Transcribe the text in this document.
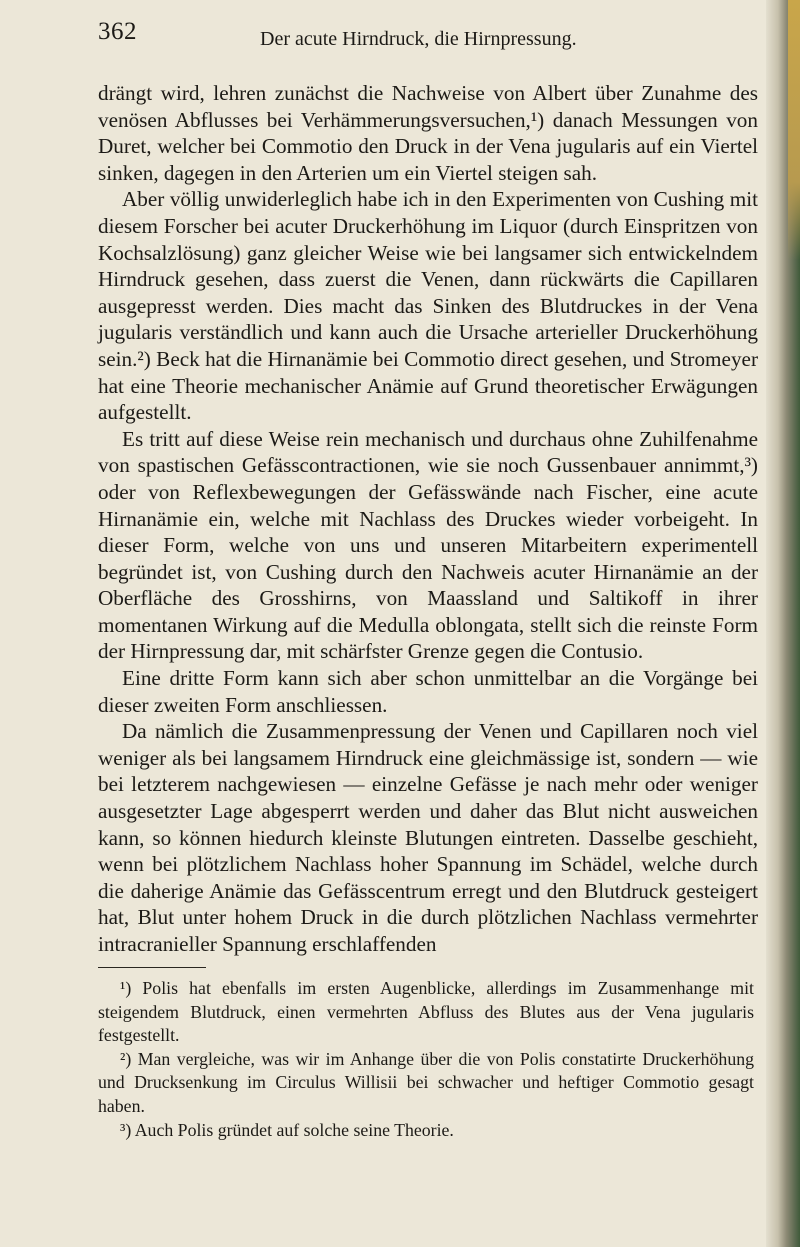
362	Der acute Hirndruck, die Hirnpressung.

drängt wird, lehren zunächst die Nachweise von Albert über Zunahme des venösen Abflusses bei Verhämmerungsversuchen,¹) danach Messungen von Duret, welcher bei Commotio den Druck in der Vena jugularis auf ein Viertel sinken, dagegen in den Arterien um ein Viertel steigen sah.

Aber völlig unwiderleglich habe ich in den Experimenten von Cushing mit diesem Forscher bei acuter Druckerhöhung im Liquor (durch Einspritzen von Kochsalzlösung) ganz gleicher Weise wie bei langsamer sich entwickelndem Hirndruck gesehen, dass zuerst die Venen, dann rückwärts die Capillaren ausgepresst werden. Dies macht das Sinken des Blutdruckes in der Vena jugularis verständlich und kann auch die Ursache arterieller Druckerhöhung sein.²) Beck hat die Hirnanämie bei Commotio direct gesehen, und Stromeyer hat eine Theorie mechanischer Anämie auf Grund theoretischer Erwägungen aufgestellt.

Es tritt auf diese Weise rein mechanisch und durchaus ohne Zuhilfenahme von spastischen Gefässcontractionen, wie sie noch Gussenbauer annimmt,³) oder von Reflexbewegungen der Gefässwände nach Fischer, eine acute Hirnanämie ein, welche mit Nachlass des Druckes wieder vorbeigeht. In dieser Form, welche von uns und unseren Mitarbeitern experimentell begründet ist, von Cushing durch den Nachweis acuter Hirnanämie an der Oberfläche des Grosshirns, von Maassland und Saltikoff in ihrer momentanen Wirkung auf die Medulla oblongata, stellt sich die reinste Form der Hirnpressung dar, mit schärfster Grenze gegen die Contusio.

Eine dritte Form kann sich aber schon unmittelbar an die Vorgänge bei dieser zweiten Form anschliessen.

Da nämlich die Zusammenpressung der Venen und Capillaren noch viel weniger als bei langsamem Hirndruck eine gleichmässige ist, sondern — wie bei letzterem nachgewiesen — einzelne Gefässe je nach mehr oder weniger ausgesetzter Lage abgesperrt werden und daher das Blut nicht ausweichen kann, so können hiedurch kleinste Blutungen eintreten. Dasselbe geschieht, wenn bei plötzlichem Nachlass hoher Spannung im Schädel, welche durch die daherige Anämie das Gefässcentrum erregt und den Blutdruck gesteigert hat, Blut unter hohem Druck in die durch plötzlichen Nachlass vermehrter intracranieller Spannung erschlaffenden

¹) Polis hat ebenfalls im ersten Augenblicke, allerdings im Zusammenhange mit steigendem Blutdruck, einen vermehrten Abfluss des Blutes aus der Vena jugularis festgestellt.

²) Man vergleiche, was wir im Anhange über die von Polis constatirte Druckerhöhung und Drucksenkung im Circulus Willisii bei schwacher und heftiger Commotio gesagt haben.

³) Auch Polis gründet auf solche seine Theorie.
